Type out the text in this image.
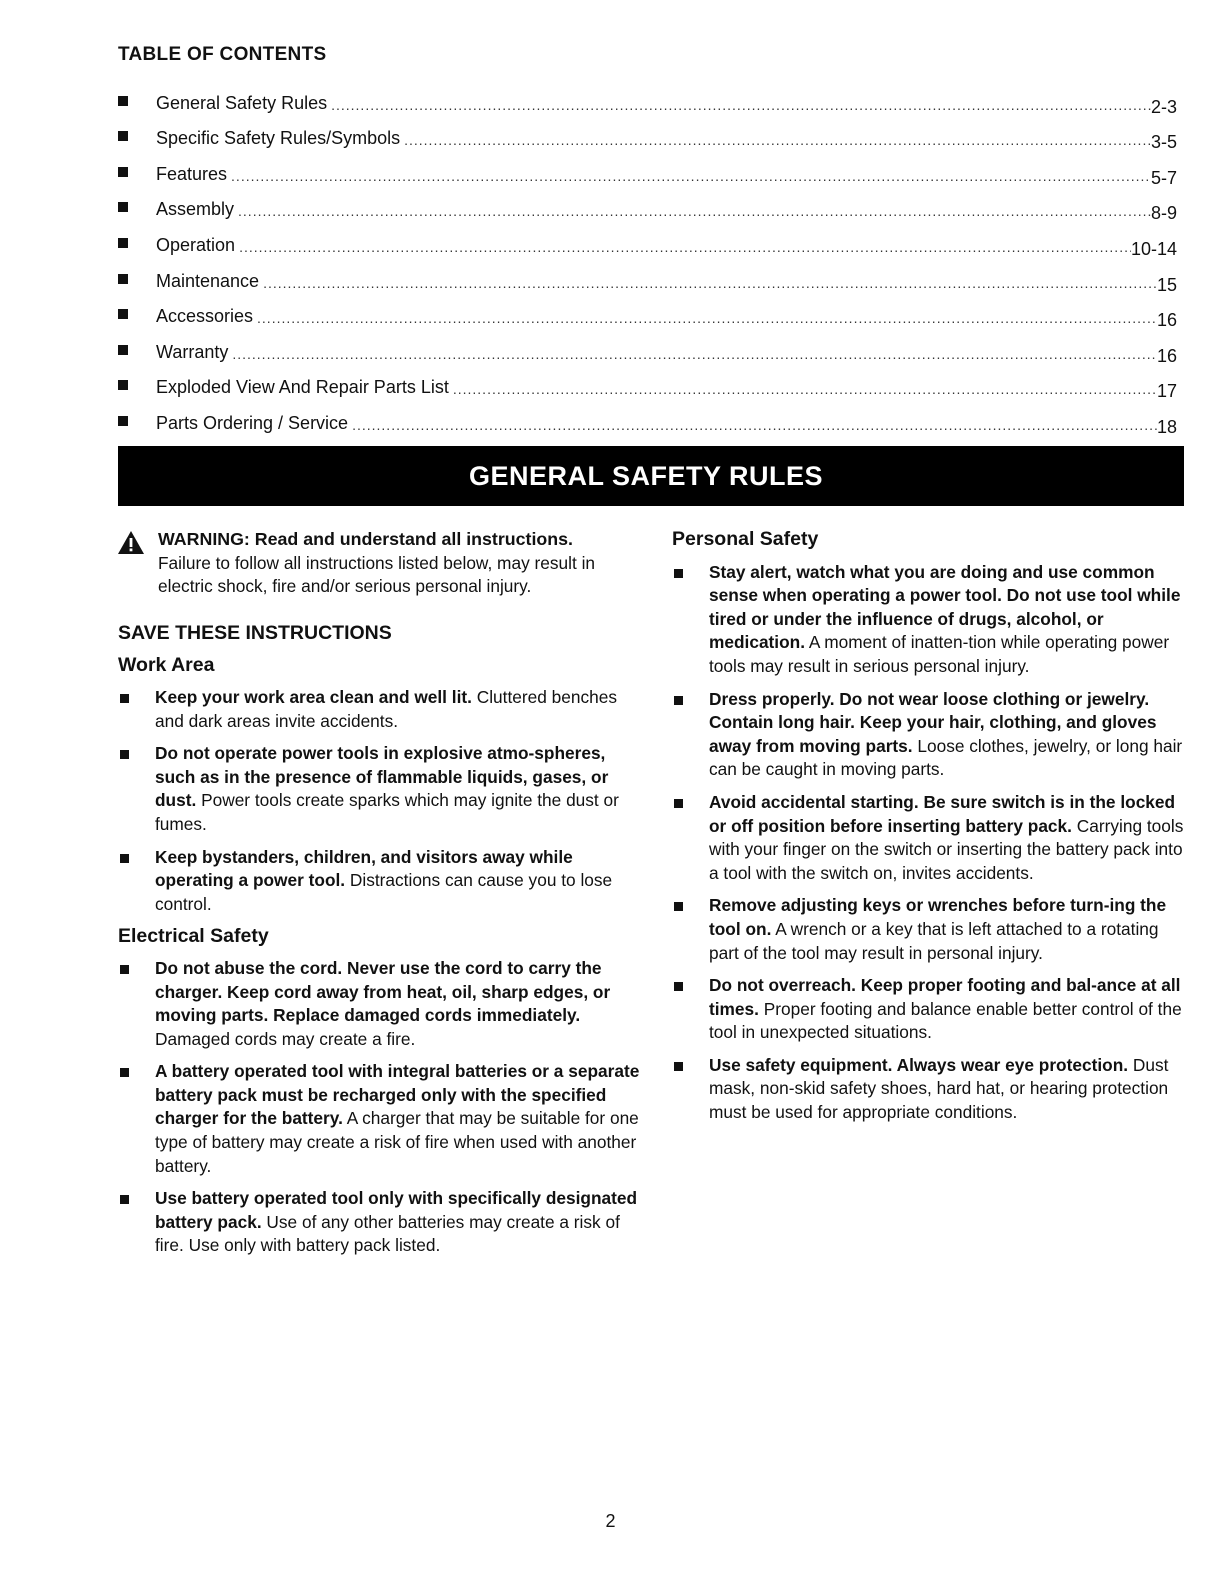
TABLE OF CONTENTS
General Safety Rules .....	2-3
Specific Safety Rules/Symbols .....	3-5
Features .....	5-7
Assembly .....	8-9
Operation .....	10-14
Maintenance .....	15
Accessories .....	16
Warranty .....	16
Exploded View And Repair Parts List .....	17
Parts Ordering / Service .....	18
GENERAL SAFETY RULES
WARNING: Read and understand all instructions.
Failure to follow all instructions listed below, may result in electric shock, fire and/or serious personal injury.
SAVE THESE INSTRUCTIONS
Work Area
Keep your work area clean and well lit. Cluttered benches and dark areas invite accidents.
Do not operate power tools in explosive atmo-spheres, such as in the presence of flammable liquids, gases, or dust. Power tools create sparks which may ignite the dust or fumes.
Keep bystanders, children, and visitors away while operating a power tool. Distractions can cause you to lose control.
Electrical Safety
Do not abuse the cord. Never use the cord to carry the charger. Keep cord away from heat, oil, sharp edges, or moving parts. Replace damaged cords immediately. Damaged cords may create a fire.
A battery operated tool with integral batteries or a separate battery pack must be recharged only with the specified charger for the battery. A charger that may be suitable for one type of battery may create a risk of fire when used with another battery.
Use battery operated tool only with specifically designated battery pack. Use of any other batteries may create a risk of fire. Use only with battery pack listed.
Personal Safety
Stay alert, watch what you are doing and use common sense when operating a power tool. Do not use tool while tired or under the influence of drugs, alcohol, or medication. A moment of inatten-tion while operating power tools may result in serious personal injury.
Dress properly. Do not wear loose clothing or jewelry. Contain long hair. Keep your hair, clothing, and gloves away from moving parts. Loose clothes, jewelry, or long hair can be caught in moving parts.
Avoid accidental starting. Be sure switch is in the locked or off position before inserting battery pack. Carrying tools with your finger on the switch or inserting the battery pack into a tool with the switch on, invites accidents.
Remove adjusting keys or wrenches before turn-ing the tool on. A wrench or a key that is left attached to a rotating part of the tool may result in personal injury.
Do not overreach. Keep proper footing and bal-ance at all times. Proper footing and balance enable better control of the tool in unexpected situations.
Use safety equipment. Always wear eye protection. Dust mask, non-skid safety shoes, hard hat, or hearing protection must be used for appropriate conditions.
2
